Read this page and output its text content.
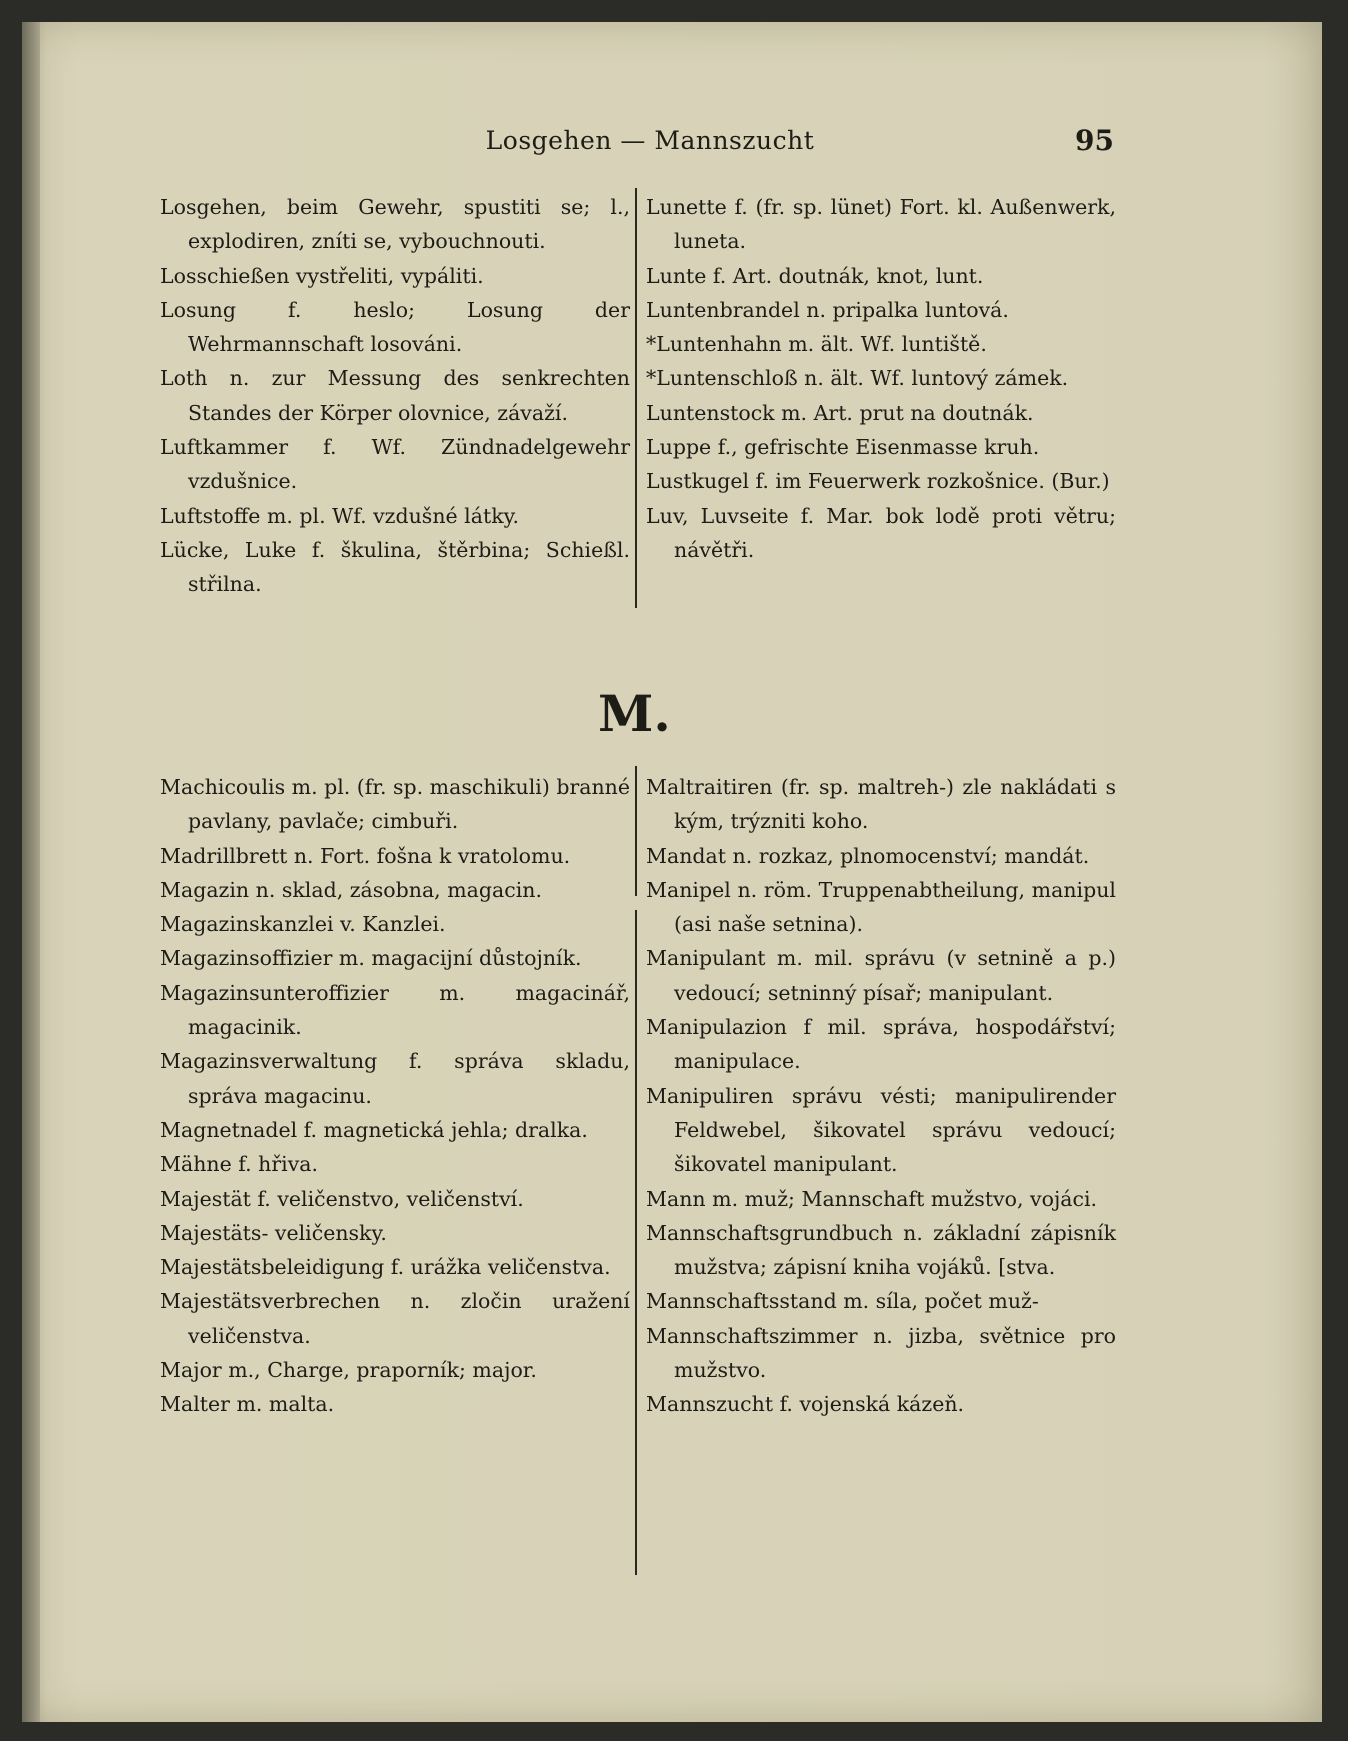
Losgehen — Mannszucht	95

Losgehen, beim Gewehr, spustiti se; l., explodiren, zníti se, vybouchnouti.

Losschießen vystřeliti, vypáliti.

Losung f. heslo; Losung der Wehrmannschaft losováni.

Loth n. zur Messung des senkrechten Standes der Körper olovnice, závaží.

Luftkammer f. Wf. Zündnadelgewehr vzdušnice.

Luftstoffe m. pl. Wf. vzdušné látky.

Lücke, Luke f. škulina, štěrbina; Schießl. střilna.

Lunette f. (fr. sp. lünet) Fort. kl. Außenwerk, luneta.

Lunte f. Art. doutnák, knot, lunt.

Luntenbrandel n. pripalka luntová.

*Luntenhahn m. ält. Wf. luntiště.

*Luntenschloß n. ält. Wf. luntový zámek.

Luntenstock m. Art. prut na doutnák.

Luppe f., gefrischte Eisenmasse kruh.

Lustkugel f. im Feuerwerk rozkošnice. (Bur.)

Luv, Luvseite f. Mar. bok lodě proti větru; návětři.

M.

Machicoulis m. pl. (fr. sp. maschikuli) branné pavlany, pavlače; cimbuři.

Madrillbrett n. Fort. fošna k vratolomu.

Magazin n. sklad, zásobna, magacin.

Magazinskanzlei v. Kanzlei.

Magazinsoffizier m. magacijní důstojník.

Magazinsunteroffizier m. magacinář, magacinik.

Magazinsverwaltung f. správa skladu, správa magacinu.

Magnetnadel f. magnetická jehla; dralka.

Mähne f. hřiva.

Majestät f. veličenstvo, veličenství.

Majestäts- veličensky.

Majestätsbeleidigung f. urážka veličenstva.

Majestätsverbrechen n. zločin uražení veličenstva.

Major m., Charge, praporník; major.

Malter m. malta.

Maltraitiren (fr. sp. maltreh-) zle nakládati s kým, trýzniti koho.

Mandat n. rozkaz, plnomocenství; mandát.

Manipel n. röm. Truppenabtheilung, manipul (asi naše setnina).

Manipulant m. mil. správu (v setnině a p.) vedoucí; setninný písař; manipulant.

Manipulazion f mil. správa, hospodářství; manipulace.

Manipuliren správu vésti; manipulirender Feldwebel, šikovatel správu vedoucí; šikovatel manipulant.

Mann m. muž; Mannschaft mužstvo, vojáci.

Mannschaftsgrundbuch n. základní zápisník mužstva; zápisní kniha vojáků. [stva.

Mannschaftsstand m. síla, počet muž-

Mannschaftszimmer n. jizba, světnice pro mužstvo.

Mannszucht f. vojenská kázeň.
